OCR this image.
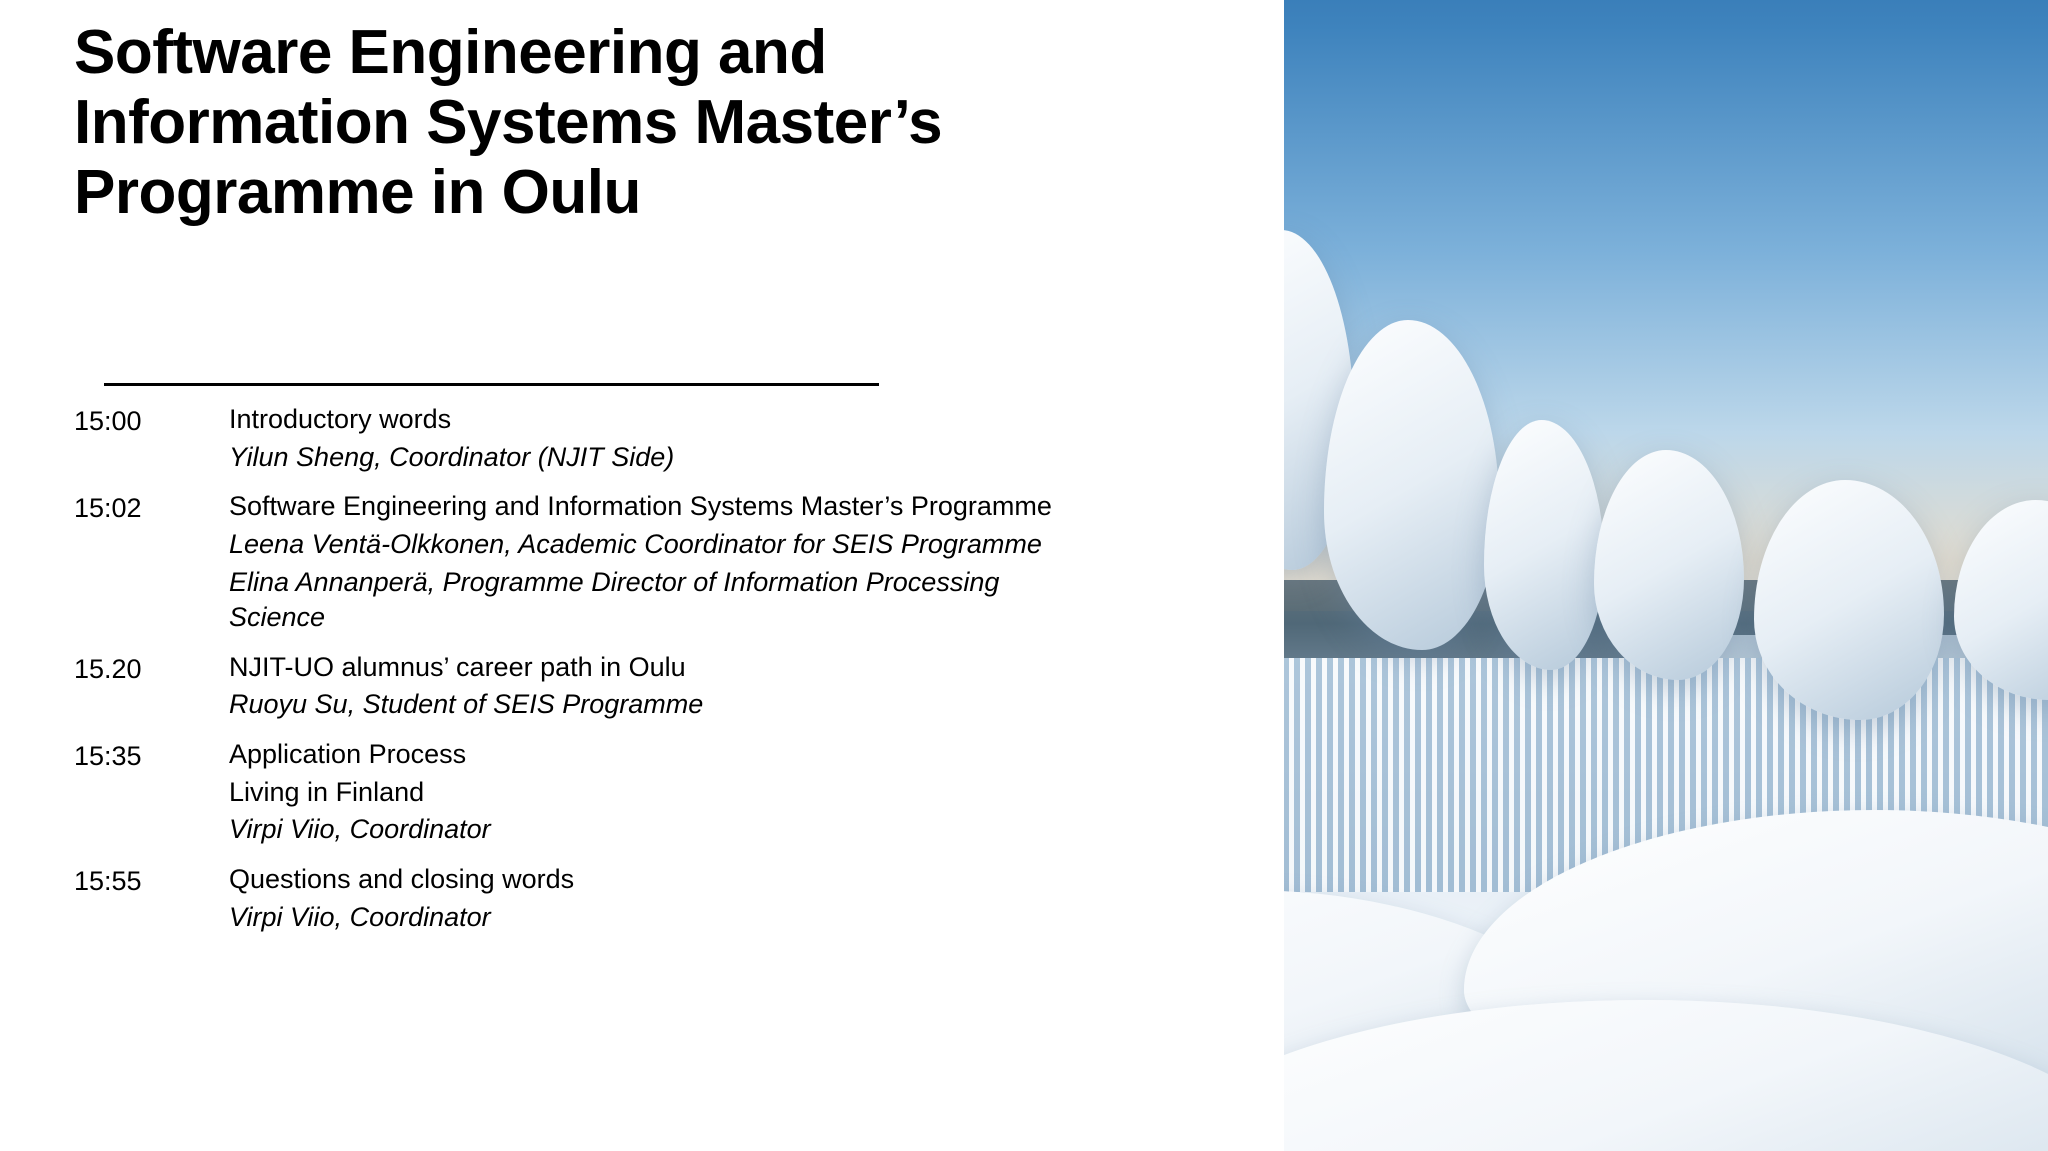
Software Engineering and Information Systems Master’s Programme in Oulu
15:00	Introductory words
Yilun Sheng, Coordinator (NJIT Side)
15:02	Software Engineering and Information Systems Master’s Programme
Leena Ventä-Olkkonen, Academic Coordinator for SEIS Programme
Elina Annanperä, Programme Director of Information Processing Science
15.20	NJIT-UO alumnus’ career path in Oulu
Ruoyu Su, Student of SEIS Programme
15:35	Application Process
Living in Finland
Virpi Viio, Coordinator
15:55	Questions and closing words
Virpi Viio, Coordinator
